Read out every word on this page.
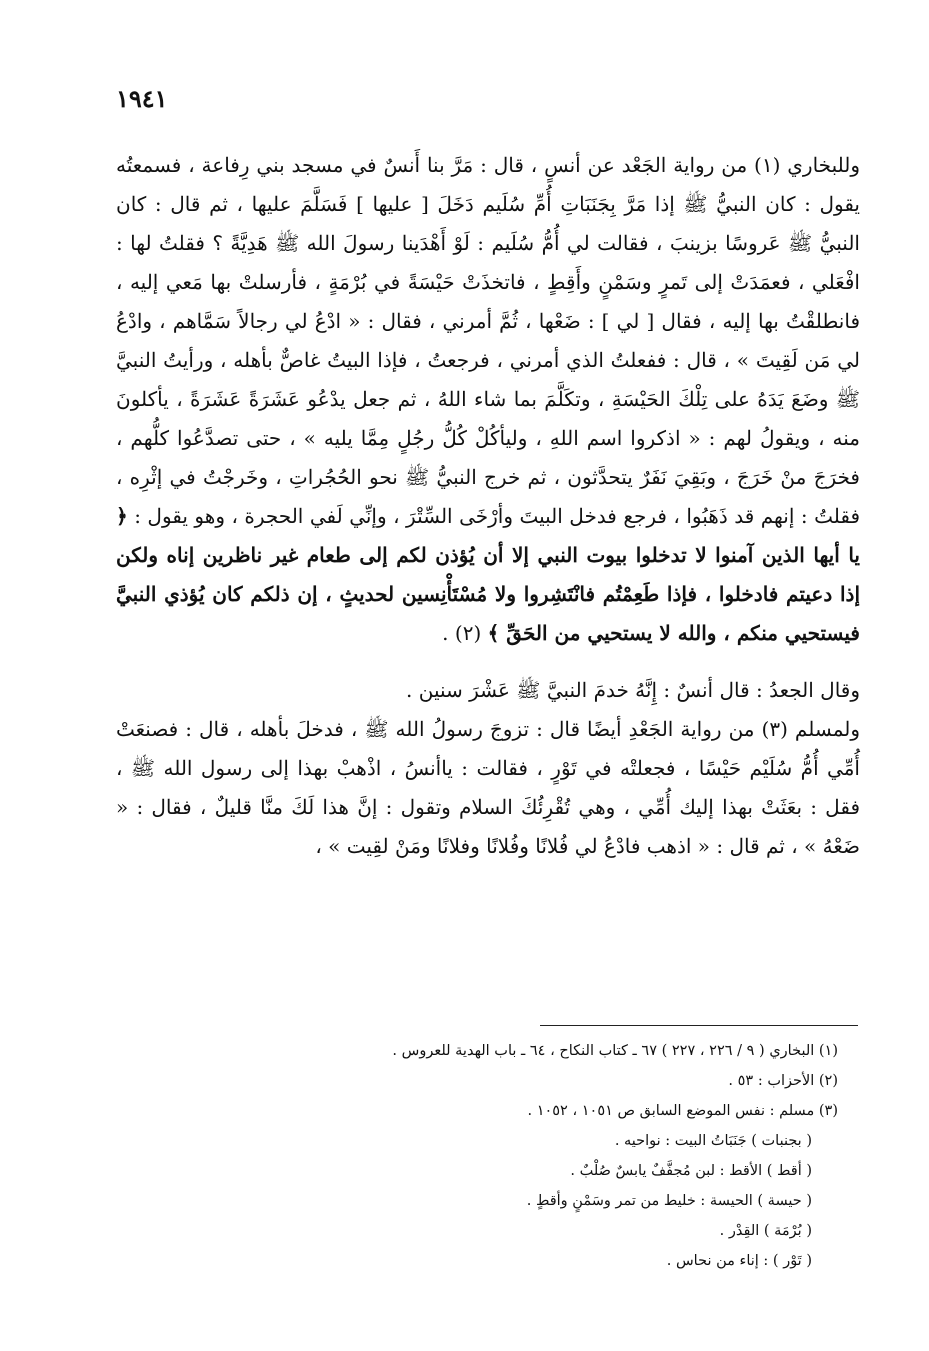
١٩٤١

وللبخاري (١) من رواية الجَعْد عن أنسٍ ، قال : مَرَّ بنا أَنسٌ في مسجد بني رِفاعة ، فسمعتُه يقول : كان النبيُّ ﷺ إذا مَرَّ بِجَنَبَاتِ أُمِّ سُلَيم دَخَلَ [ عليها ] فَسَلَّمَ عليها ، ثم قال : كان النبيُّ ﷺ عَروسًا بزينبَ ، فقالت لي أُمُّ سُلَيم : لَوْ أَهْدَينا رسولَ الله ﷺ هَدِيَّةً ؟ فقلتُ لها : افْعَلي ، فعمَدَتْ إلى تَمرٍ وسَمْنٍ وأَقِطٍ ، فاتخذَتْ حَيْسَةً في بُرْمَةٍ ، فأرسلتْ بها مَعي إليه ، فانطلقْتُ بها إليه ، فقال [ لي ] : ضَعْها ، ثُمَّ أمرني ، فقال : « ادْعُ لي رجالاً سَمَّاهم ، وادْعُ لي مَن لَقِيتَ » ، قال : ففعلتُ الذي أمرني ، فرجعتُ ، فإذا البيتُ غاصٌّ بأهله ، ورأيتُ النبيَّ ﷺ وضَعَ يَدَهُ على تِلْكَ الحَيْسَةِ ، وتكَلَّمَ بما شاء اللهُ ، ثم جعل يدْعُو عَشَرَةً عَشَرَةً ، يأكلونَ منه ، ويقولُ لهم : « اذكروا اسم اللهِ ، وليأكُلْ كُلُّ رجُلٍ مِمَّا يليه » ، حتى تصدَّعُوا كلُّهم ، فخرَجَ منْ خَرَجَ ، وبَقِيَ نَفَرٌ يتحدَّثون ، ثم خرج النبيُّ ﷺ نحو الحُجُراتِ ، وخَرجْتُ في إثْرِه ، فقلتُ : إنهم قد ذَهَبُوا ، فرجع فدخل البيتَ وأرْخَى السِّتْرَ ، وإنِّي لَفي الحجرة ، وهو يقول : ﴿ يا أيها الذين آمنوا لا تدخلوا بيوت النبي إلا أن يُؤذن لكم إلى طعام غير ناظرين إناه ولكن إذا دعيتم فادخلوا ، فإذا طَعِمْتُم فانْتَشِروا ولا مُسْتَأْنِسين لحديثٍ ، إن ذلكم كان يُؤذي النبيَّ فيستحيي منكم ، والله لا يستحيي من الحَقِّ ﴾ (٢) .

وقال الجعدُ : قال أنسٌ : إِنَّهُ خدمَ النبيَّ ﷺ عَشْرَ سنين .

ولمسلم (٣) من رواية الجَعْدِ أيضًا قال : تزوجَ رسولُ الله ﷺ ، فدخلَ بأهله ، قال : فصنعَتْ أُمِّي أُمُّ سُلَيْم حَيْسًا ، فجعلتْه في تَوْرٍ ، فقالت : ياأنسُ ، اذْهبْ بهذا إلى رسول الله ﷺ ، فقل : بعَثَتْ بهذا إليك أُمِّي ، وهي تُقْرِئُكَ السلام وتقول : إنَّ هذا لَكَ منَّا قليلٌ ، فقال : « ضَعْهُ » ، ثم قال : « اذهب فادْعُ لي فُلانًا وفُلانًا وفلانًا ومَنْ لقِيت » ،

(١) البخاري ( ٩ / ٢٢٦ ، ٢٢٧ ) ٦٧ ـ كتاب النكاح ، ٦٤ ـ باب الهدية للعروس .

(٢) الأحزاب : ٥٣ .

(٣) مسلم : نفس الموضع السابق ص ١٠٥١ ، ١٠٥٢ .

( بجنبات ) جَنَبَاتُ البيت : نواحيه .

( أقط ) الأقط : لبن مُجفَّفٌ يابسٌ صُلْبٌ .

( حيسة ) الحيسة : خليط من تمر وسَمْنٍ وأقطٍ .

( بُرْمَة ) القِدْر .

( تَوْر ) : إناء من نحاس .
